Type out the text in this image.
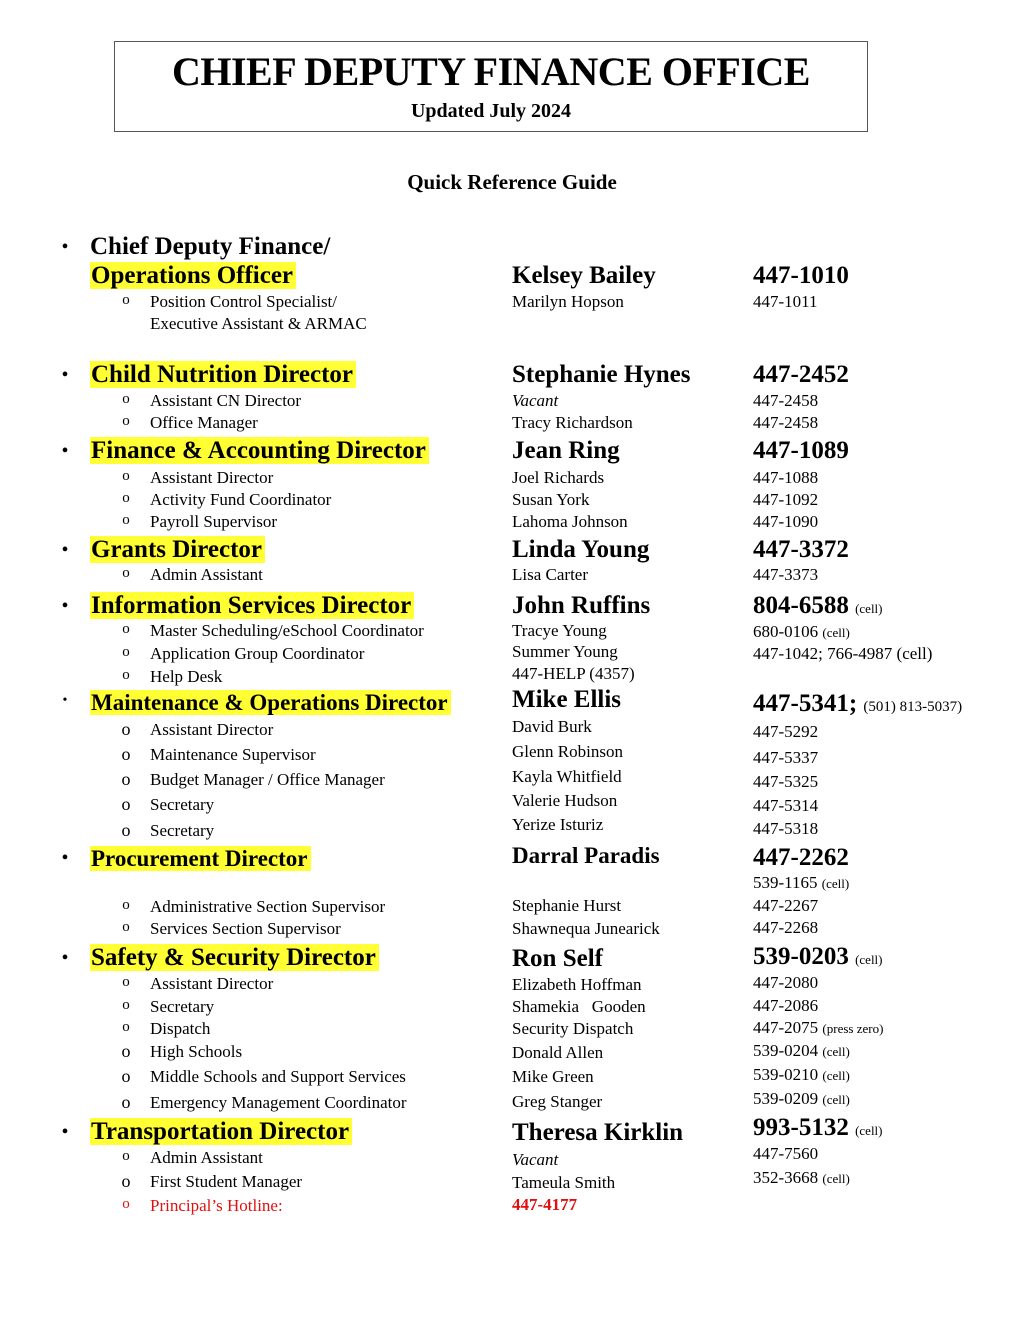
CHIEF DEPUTY FINANCE OFFICE
Updated July 2024
Quick Reference Guide
• Chief Deputy Finance/
Operations Officer	Kelsey Bailey	447-1010
o Position Control Specialist/	Marilyn Hopson	447-1011
Executive Assistant & ARMAC
• Child Nutrition Director	Stephanie Hynes 447-2452
o Assistant CN Director	Vacant	447-2458
o Office Manager	Tracy Richardson	447-2458
• Finance & Accounting Director	Jean Ring	447-1089
o Assistant Director	Joel Richards	447-1088
o Activity Fund Coordinator	Susan York	447-1092
o Payroll Supervisor	Lahoma Johnson	447-1090
• Grants Director	Linda Young	447-3372
o Admin Assistant	Lisa Carter	447-3373
• Information Services Director	John Ruffins	804-6588 (cell)
o Master Scheduling/eSchool Coordinator	Tracye Young	680-0106 (cell)
o Application Group Coordinator	Summer Young	447-1042; 766-4987 (cell)
o Help Desk	447-HELP (4357)
• Maintenance & Operations Director	Mike Ellis	447-5341; (501) 813-5037)
o Assistant Director	David Burk	447-5292
o Maintenance Supervisor	Glenn Robinson	447-5337
o Budget Manager / Office Manager	Kayla Whitfield	447-5325
o Secretary	Valerie Hudson	447-5314
o Secretary	Yerize Isturiz	447-5318
• Procurement Director	Darral Paradis	447-2262
539-1165 (cell)
o Administrative Section Supervisor	Stephanie Hurst	447-2267
o Services Section Supervisor	Shawnequa Junearick	447-2268
• Safety & Security Director	Ron Self	539-0203 (cell)
o Assistant Director	Elizabeth Hoffman	447-2080
o Secretary	Shamekia   Gooden	447-2086
o Dispatch	Security Dispatch	447-2075 (press zero)
o High Schools	Donald Allen	539-0204 (cell)
o Middle Schools and Support Services	Mike Green	539-0210 (cell)
o Emergency Management Coordinator	Greg Stanger	539-0209 (cell)
• Transportation Director	Theresa Kirklin	993-5132 (cell)
o Admin Assistant	Vacant	447-7560
o First Student Manager	Tameula Smith	352-3668 (cell)
o Principal’s Hotline:	447-4177
